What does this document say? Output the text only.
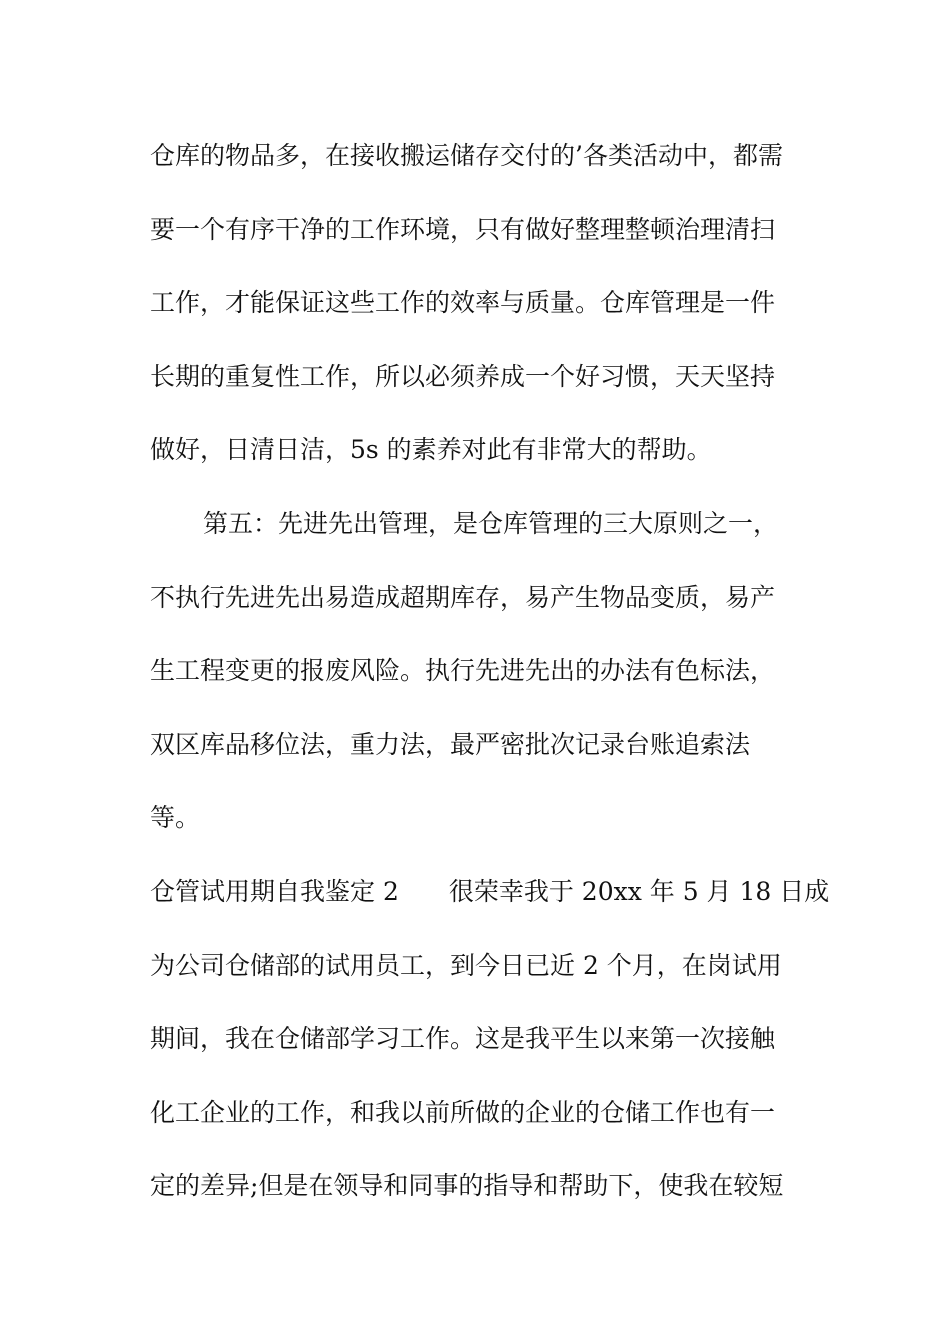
仓库的物品多，在接收搬运储存交付的’各类活动中，都需
要一个有序干净的工作环境，只有做好整理整顿治理清扫
工作，才能保证这些工作的效率与质量。仓库管理是一件
长期的重复性工作，所以必须养成一个好习惯，天天坚持
做好，日清日洁，5s 的素养对此有非常大的帮助。
第五：先进先出管理，是仓库管理的三大原则之一，
不执行先进先出易造成超期库存，易产生物品变质，易产
生工程变更的报废风险。执行先进先出的办法有色标法，
双区库品移位法，重力法，最严密批次记录台账追索法
等。
仓管试用期自我鉴定 2　　很荣幸我于 20xx 年 5 月 18 日成
为公司仓储部的试用员工，到今日已近 2 个月，在岗试用
期间，我在仓储部学习工作。这是我平生以来第一次接触
化工企业的工作，和我以前所做的企业的仓储工作也有一
定的差异;但是在领导和同事的指导和帮助下，使我在较短
